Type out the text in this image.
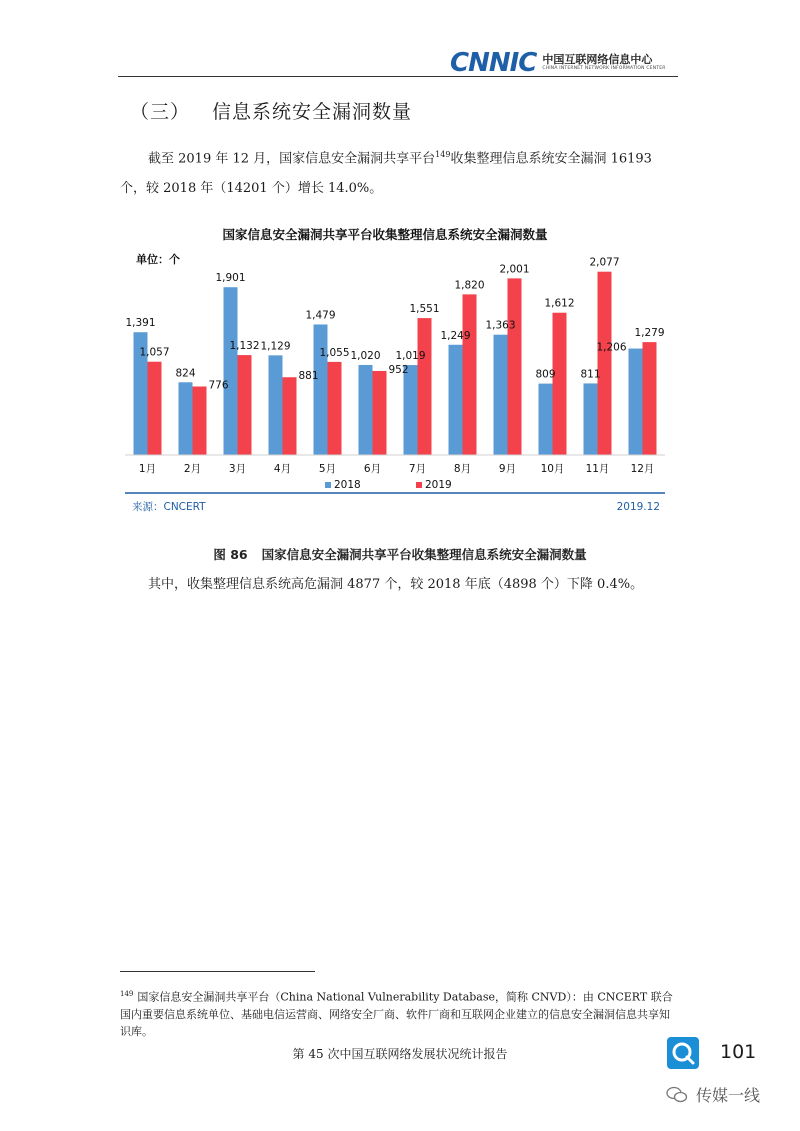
CNNIC 中国互联网络信息中心
CHINA INTERNET NETWORK INFORMATION CENTER
（三） 信息系统安全漏洞数量
截至 2019 年 12 月，国家信息安全漏洞共享平台$^{149}$收集整理信息系统安全漏洞 16193
个，较 2018 年（14201 个）增长 14.0%。
国家信息安全漏洞共享平台收集整理信息系统安全漏洞数量
单位：个
1,391
1,057
824
776
1,901
1,132 1,129
881
1,479
1,055 1,020
952
1,019
1,551
1,249
1,820
1,363
2,001
809
1,612
811
2,077
1,206
1,279
1月	2月	3月	4月	5月	6月	7月	8月	9月 10月 11月 12月
2018	2019
来源：CNCERT	2019.12
图 86 国家信息安全漏洞共享平台收集整理信息系统安全漏洞数量
其中，收集整理信息系统高危漏洞 4877 个，较 2018 年底（4898 个）下降 0.4%。
$^{149}$ 国家信息安全漏洞共享平台（China National Vulnerability Database，简称 CNVD）：由 CNCERT 联合国内重要信息系统单位、基础电信运营商、网络安全厂商、软件厂商和互联网企业建立的信息安全漏洞信息共享知识库。
第 45 次中国互联网络发展状况统计报告	101
传媒一线
